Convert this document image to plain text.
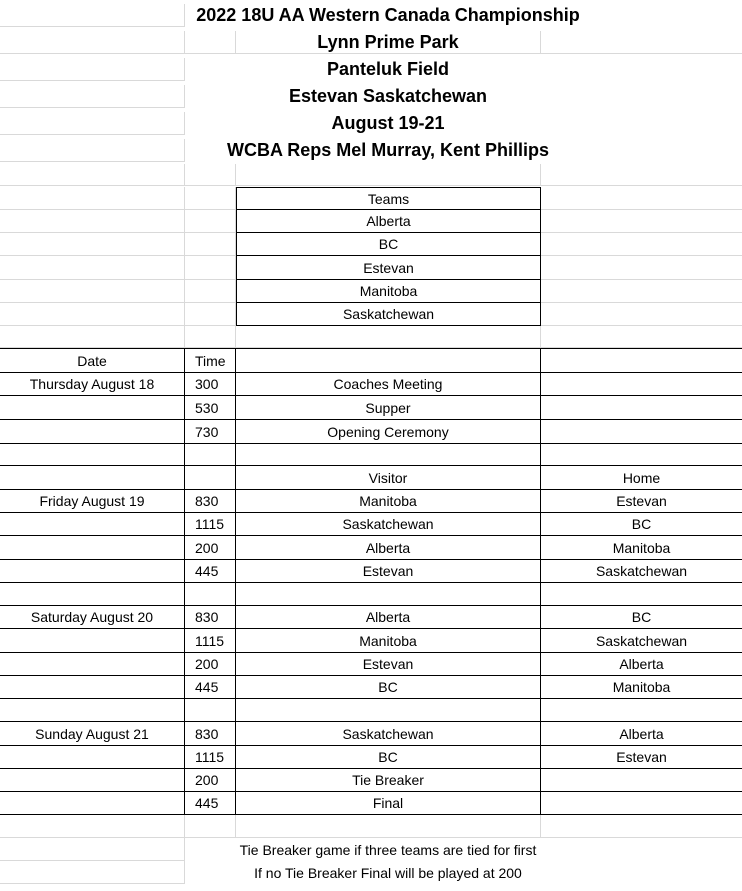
2022 18U AA Western Canada Championship
Lynn Prime Park
Panteluk Field
Estevan Saskatchewan
August 19-21
WCBA Reps Mel Murray, Kent Phillips
Teams
Alberta
BC
Estevan
Manitoba
Saskatchewan
Date	Time
Thursday August 18	300	Coaches Meeting
530	Supper
730	Opening Ceremony
Visitor	Home
Friday August 19	830	Manitoba	Estevan
1115	Saskatchewan	BC
200	Alberta	Manitoba
445	Estevan	Saskatchewan
Saturday August 20	830	Alberta	BC
1115	Manitoba	Saskatchewan
200	Estevan	Alberta
445	BC	Manitoba
Sunday August 21	830	Saskatchewan	Alberta
1115	BC	Estevan
200	Tie Breaker
445	Final
Tie Breaker game if three teams are tied for first
If no Tie Breaker Final will be played at 200
